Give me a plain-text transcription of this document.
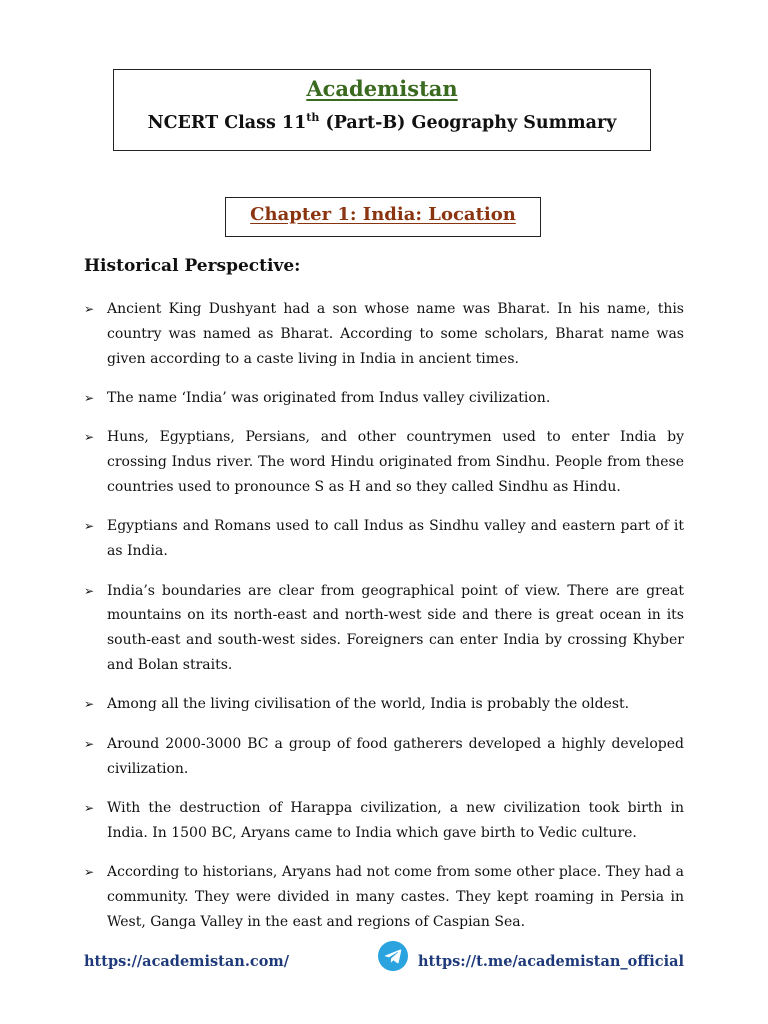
Academistan
NCERT Class 11th (Part-B) Geography Summary
Chapter 1: India: Location
Historical Perspective:
➢ Ancient King Dushyant had a son whose name was Bharat. In his name, this country was named as Bharat. According to some scholars, Bharat name was given according to a caste living in India in ancient times.
➢ The name ‘India’ was originated from Indus valley civilization.
➢ Huns, Egyptians, Persians, and other countrymen used to enter India by crossing Indus river. The word Hindu originated from Sindhu. People from these countries used to pronounce S as H and so they called Sindhu as Hindu.
➢ Egyptians and Romans used to call Indus as Sindhu valley and eastern part of it as India.
➢ India’s boundaries are clear from geographical point of view. There are great mountains on its north-east and north-west side and there is great ocean in its south-east and south-west sides. Foreigners can enter India by crossing Khyber and Bolan straits.
➢ Among all the living civilisation of the world, India is probably the oldest.
➢ Around 2000-3000 BC a group of food gatherers developed a highly developed civilization.
➢ With the destruction of Harappa civilization, a new civilization took birth in India. In 1500 BC, Aryans came to India which gave birth to Vedic culture.
➢ According to historians, Aryans had not come from some other place. They had a community. They were divided in many castes. They kept roaming in Persia in West, Ganga Valley in the east and regions of Caspian Sea.
https://academistan.com/	https://t.me/academistan_official
